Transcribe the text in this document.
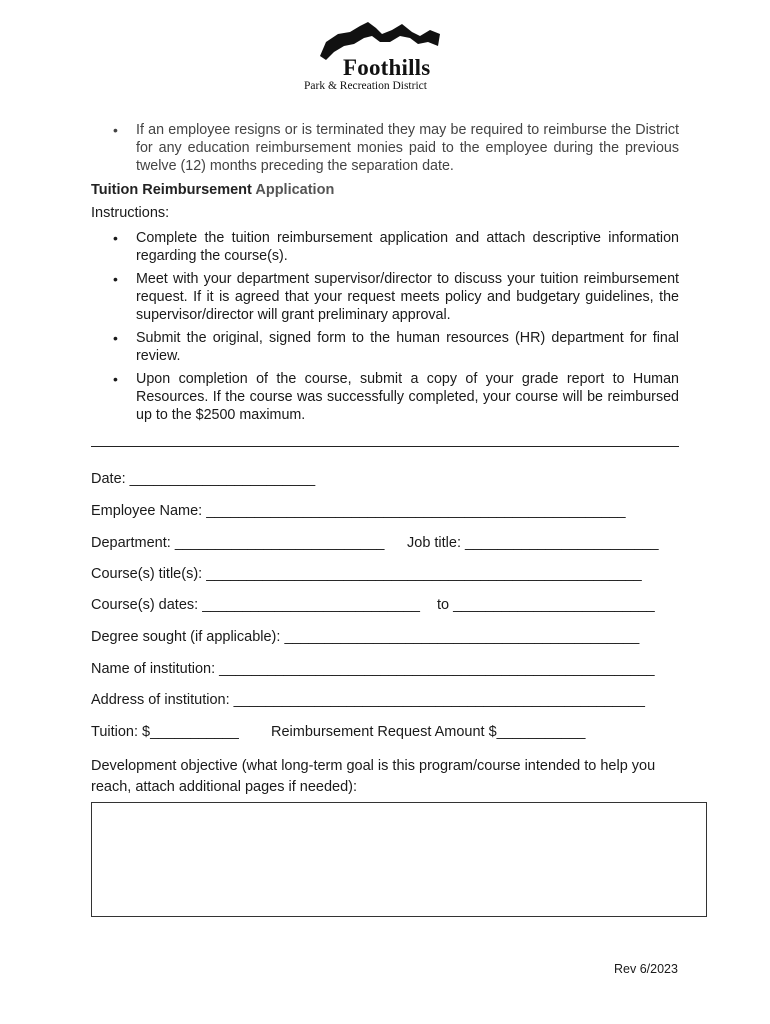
Foothills
Park & Recreation District
• If an employee resigns or is terminated they may be required to reimburse the District for any education reimbursement monies paid to the employee during the previous twelve (12) months preceding the separation date.
Tuition Reimbursement Application
Instructions:
• Complete the tuition reimbursement application and attach descriptive information regarding the course(s).
• Meet with your department supervisor/director to discuss your tuition reimbursement request. If it is agreed that your request meets policy and budgetary guidelines, the supervisor/director will grant preliminary approval.
• Submit the original, signed form to the human resources (HR) department for final review.
• Upon completion of the course, submit a copy of your grade report to Human Resources. If the course was successfully completed, your course will be reimbursed up to the $2500 maximum.
Date: _______________________
Employee Name: ____________________________________________________
Department: __________________________ Job title: ________________________
Course(s) title(s): ______________________________________________________
Course(s) dates: ___________________________ to _________________________
Degree sought (if applicable): ____________________________________________
Name of institution: ______________________________________________________
Address of institution: ___________________________________________________
Tuition: $___________ Reimbursement Request Amount $___________
Development objective (what long-term goal is this program/course intended to help you reach, attach additional pages if needed):
Rev 6/2023
